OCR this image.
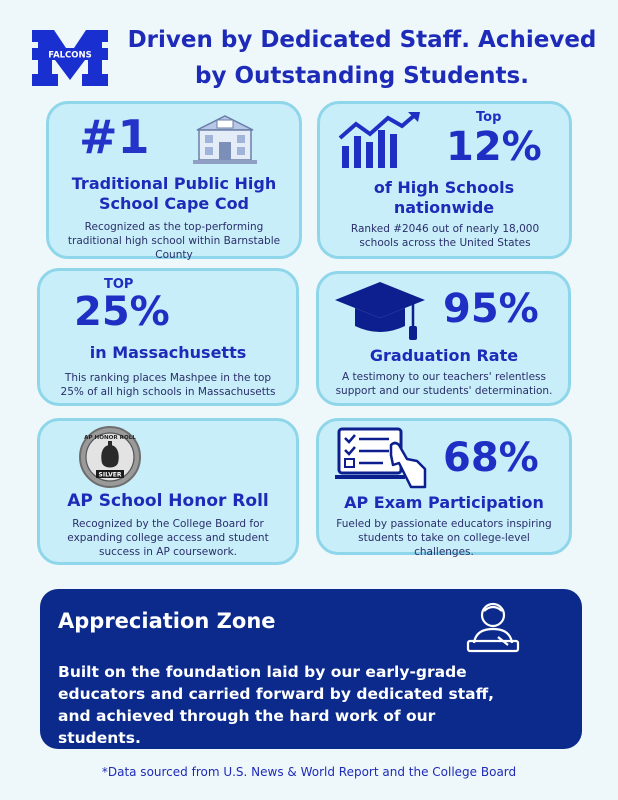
FALCONS
Driven by Dedicated Staff. Achieved by Outstanding Students.
#1
Traditional Public High School Cape Cod
Recognized as the top-performing traditional high school within Barnstable County
Top
12%
of High Schools nationwide
Ranked #2046 out of nearly 18,000 schools across the United States
TOP
25%
in Massachusetts
This ranking places Mashpee in the top 25% of all high schools in Massachusetts
95%
Graduation Rate
A testimony to our teachers' relentless support and our students' determination.
AP HONOR ROLL
SILVER
AP School Honor Roll
Recognized by the College Board for expanding college access and student success in AP coursework.
68%
AP Exam Participation
Fueled by passionate educators inspiring students to take on college-level challenges.
Appreciation Zone
Built on the foundation laid by our early-grade educators and carried forward by dedicated staff, and achieved through the hard work of our students.
*Data sourced from U.S. News & World Report and the College Board
